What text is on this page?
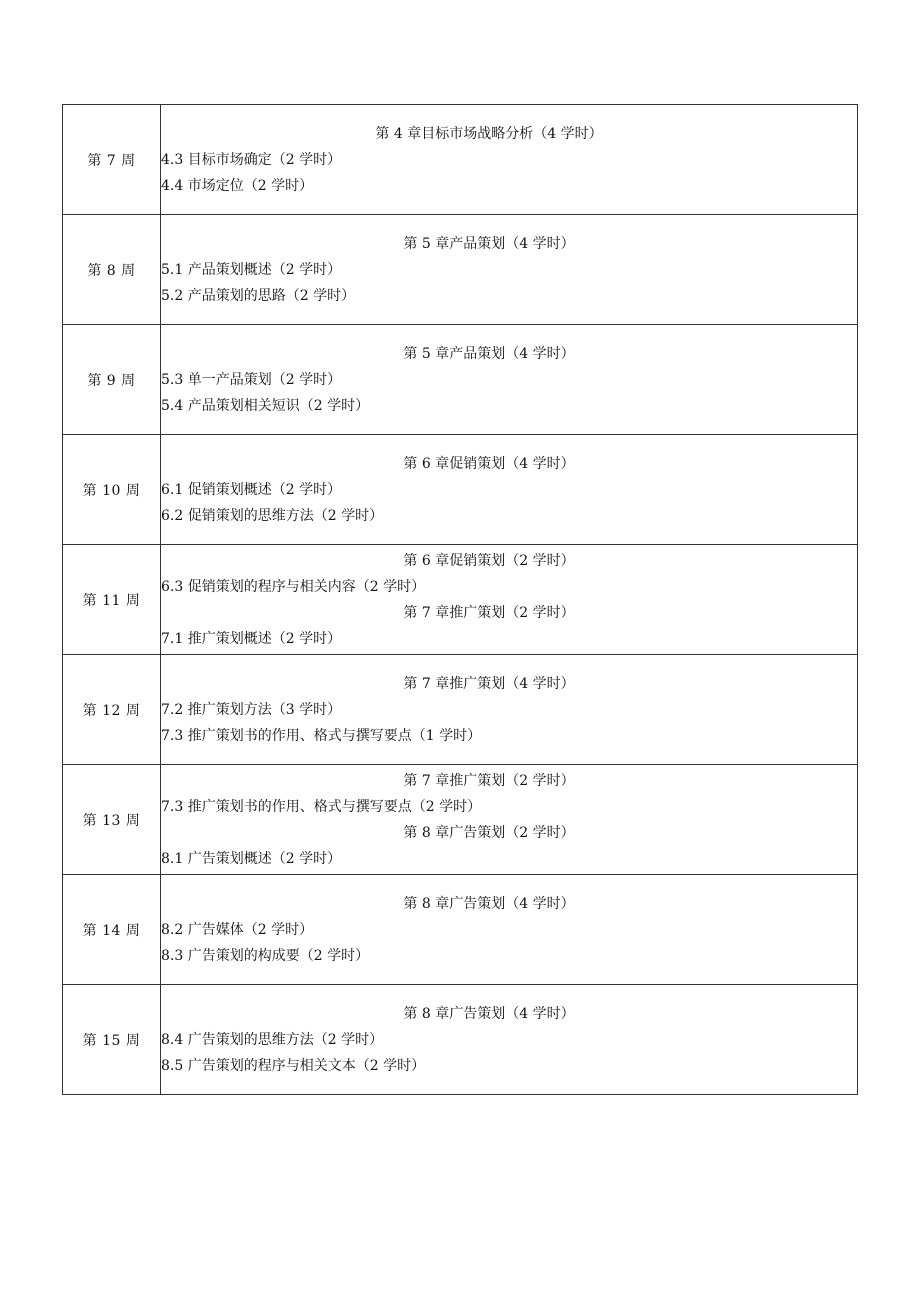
第 7 周	第 4 章目标市场战略分析（4 学时）
4.3 目标市场确定（2 学时）
4.4 市场定位（2 学时）

第 8 周	第 5 章产品策划（4 学时）
5.1 产品策划概述（2 学时）
5.2 产品策划的思路（2 学时）

第 9 周	第 5 章产品策划（4 学时）
5.3 单一产品策划（2 学时）
5.4 产品策划相关短识（2 学时）

第 10 周	第 6 章促销策划（4 学时）
6.1 促销策划概述（2 学时）
6.2 促销策划的思维方法（2 学时）

第 11 周	第 6 章促销策划（2 学时）
6.3 促销策划的程序与相关内容（2 学时）
第 7 章推广策划（2 学时）
7.1 推广策划概述（2 学时）

第 12 周	第 7 章推广策划（4 学时）
7.2 推广策划方法（3 学时）
7.3 推广策划书的作用、格式与撰写要点（1 学时）

第 13 周	第 7 章推广策划（2 学时）
7.3 推广策划书的作用、格式与撰写要点（2 学时）
第 8 章广告策划（2 学时）
8.1 广告策划概述（2 学时）

第 14 周	第 8 章广告策划（4 学时）
8.2 广告媒体（2 学时）
8.3 广告策划的构成要（2 学时）

第 15 周	第 8 章广告策划（4 学时）
8.4 广告策划的思维方法（2 学时）
8.5 广告策划的程序与相关文本（2 学时）
